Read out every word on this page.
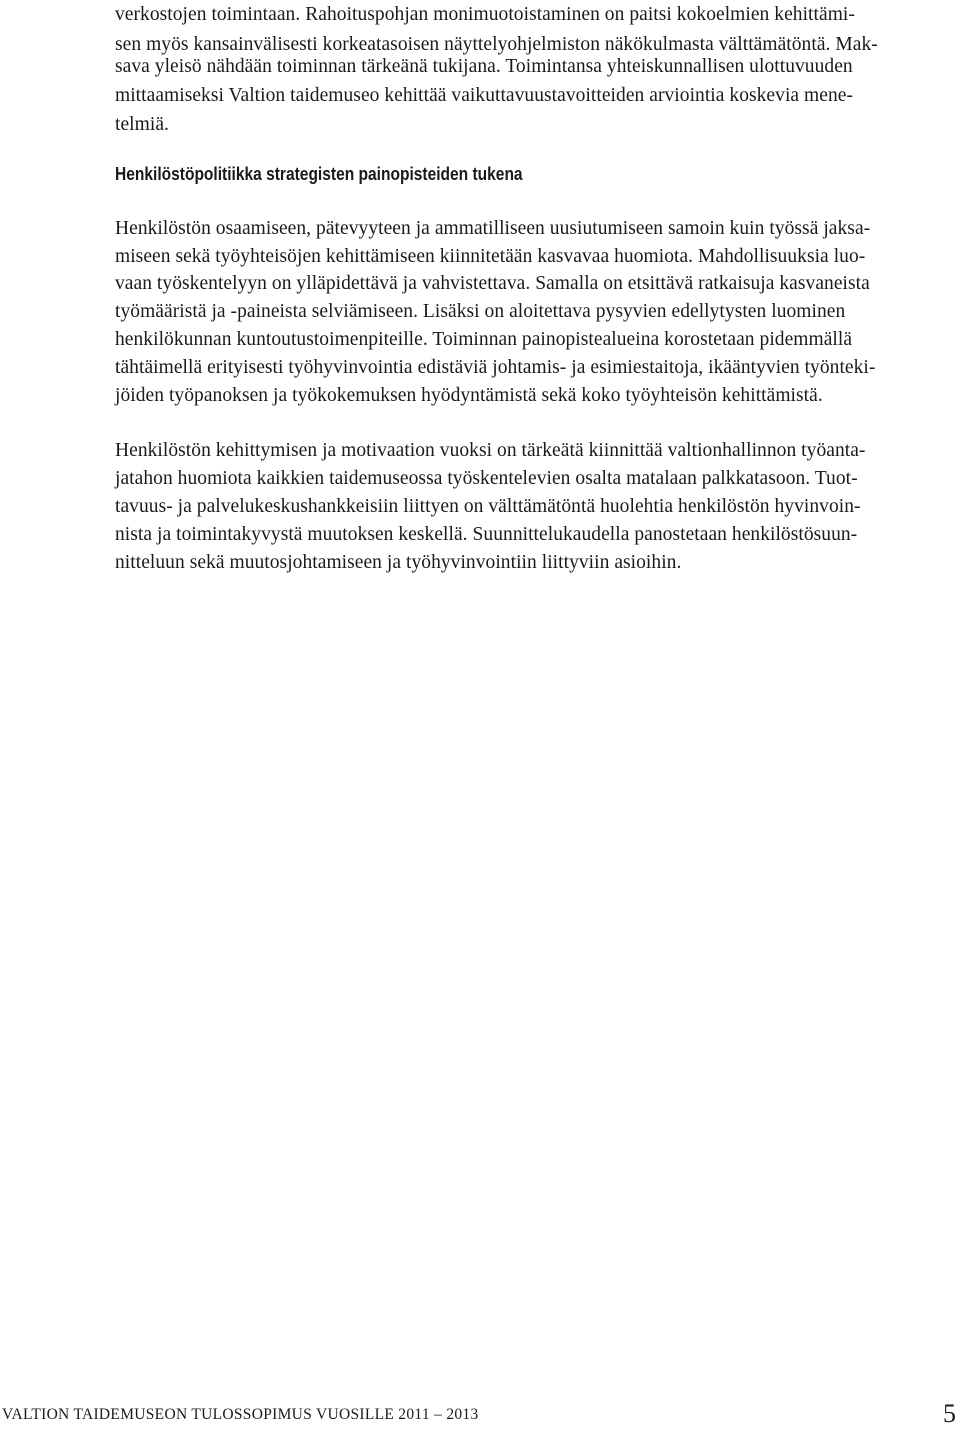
verkostojen toimintaan. Rahoituspohjan monimuotoistaminen on paitsi kokoelmien kehittämi-
sen myös kansainvälisesti korkeatasoisen näyttelyohjelmiston näkökulmasta välttämätöntä. Mak-
sava yleisö nähdään toiminnan tärkeänä tukijana. Toimintansa yhteiskunnallisen ulottuvuuden
mittaamiseksi Valtion taidemuseo kehittää vaikuttavuustavoitteiden arviointia koskevia mene-
telmiä.
Henkilöstöpolitiikka strategisten painopisteiden tukena
Henkilöstön osaamiseen, pätevyyteen ja ammatilliseen uusiutumiseen samoin kuin työssä jaksa-
miseen sekä työyhteisöjen kehittämiseen kiinnitetään kasvavaa huomiota. Mahdollisuuksia luo-
vaan työskentelyyn on ylläpidettävä ja vahvistettava. Samalla on etsittävä ratkaisuja kasvaneista
työmääristä ja -paineista selviämiseen. Lisäksi on aloitettava pysyvien edellytysten luominen
henkilökunnan kuntoutustoimenpiteille. Toiminnan painopistealueina korostetaan pidemmällä
tähtäimellä erityisesti työhyvinvointia edistäviä johtamis- ja esimiestaitoja, ikääntyvien työnteki-
jöiden työpanoksen ja työkokemuksen hyödyntämistä sekä koko työyhteisön kehittämistä.
Henkilöstön kehittymisen ja motivaation vuoksi on tärkeätä kiinnittää valtionhallinnon työanta-
jatahon huomiota kaikkien taidemuseossa työskentelevien osalta matalaan palkkatasoon. Tuot-
tavuus- ja palvelukeskushankkeisiin liittyen on välttämätöntä huolehtia henkilöstön hyvinvoin-
nista ja toimintakyvystä muutoksen keskellä. Suunnittelukaudella panostetaan henkilöstösuun-
nitteluun sekä muutosjohtamiseen ja työhyvinvointiin liittyviin asioihin.
VALTION TAIDEMUSEON TULOSSOPIMUS VUOSILLE 2011 – 2013	5
